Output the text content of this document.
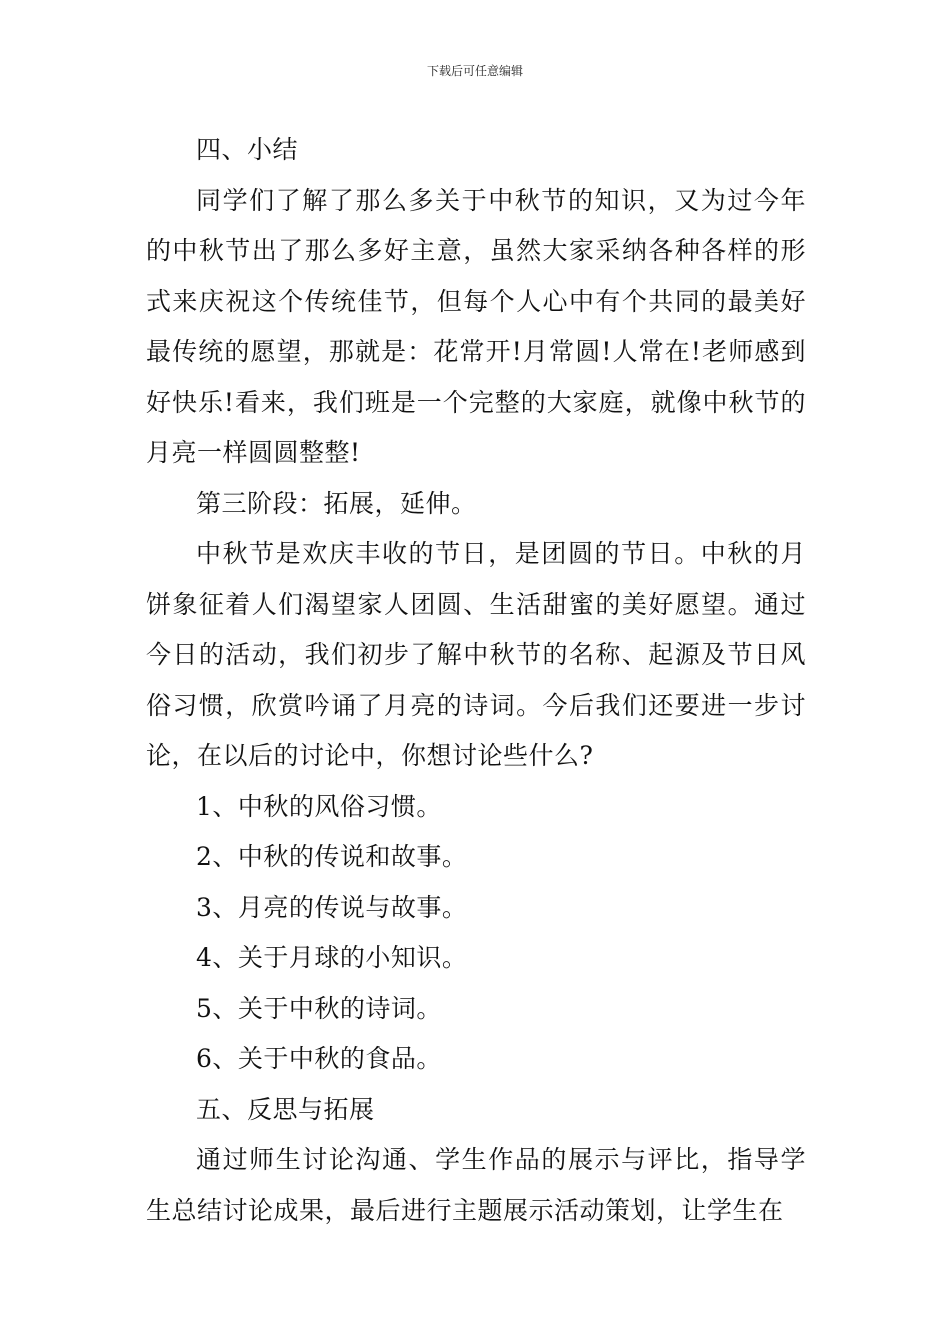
下载后可任意编辑

四、小结

同学们了解了那么多关于中秋节的知识，又为过今年的中秋节出了那么多好主意，虽然大家采纳各种各样的形式来庆祝这个传统佳节，但每个人心中有个共同的最美好最传统的愿望，那就是：花常开!月常圆!人常在!老师感到好快乐!看来，我们班是一个完整的大家庭，就像中秋节的月亮一样圆圆整整!

第三阶段：拓展，延伸。

中秋节是欢庆丰收的节日，是团圆的节日。中秋的月饼象征着人们渴望家人团圆、生活甜蜜的美好愿望。通过今日的活动，我们初步了解中秋节的名称、起源及节日风俗习惯，欣赏吟诵了月亮的诗词。今后我们还要进一步讨论，在以后的讨论中，你想讨论些什么?

1、中秋的风俗习惯。

2、中秋的传说和故事。

3、月亮的传说与故事。

4、关于月球的小知识。

5、关于中秋的诗词。

6、关于中秋的食品。

五、反思与拓展

通过师生讨论沟通、学生作品的展示与评比，指导学生总结讨论成果，最后进行主题展示活动策划，让学生在
